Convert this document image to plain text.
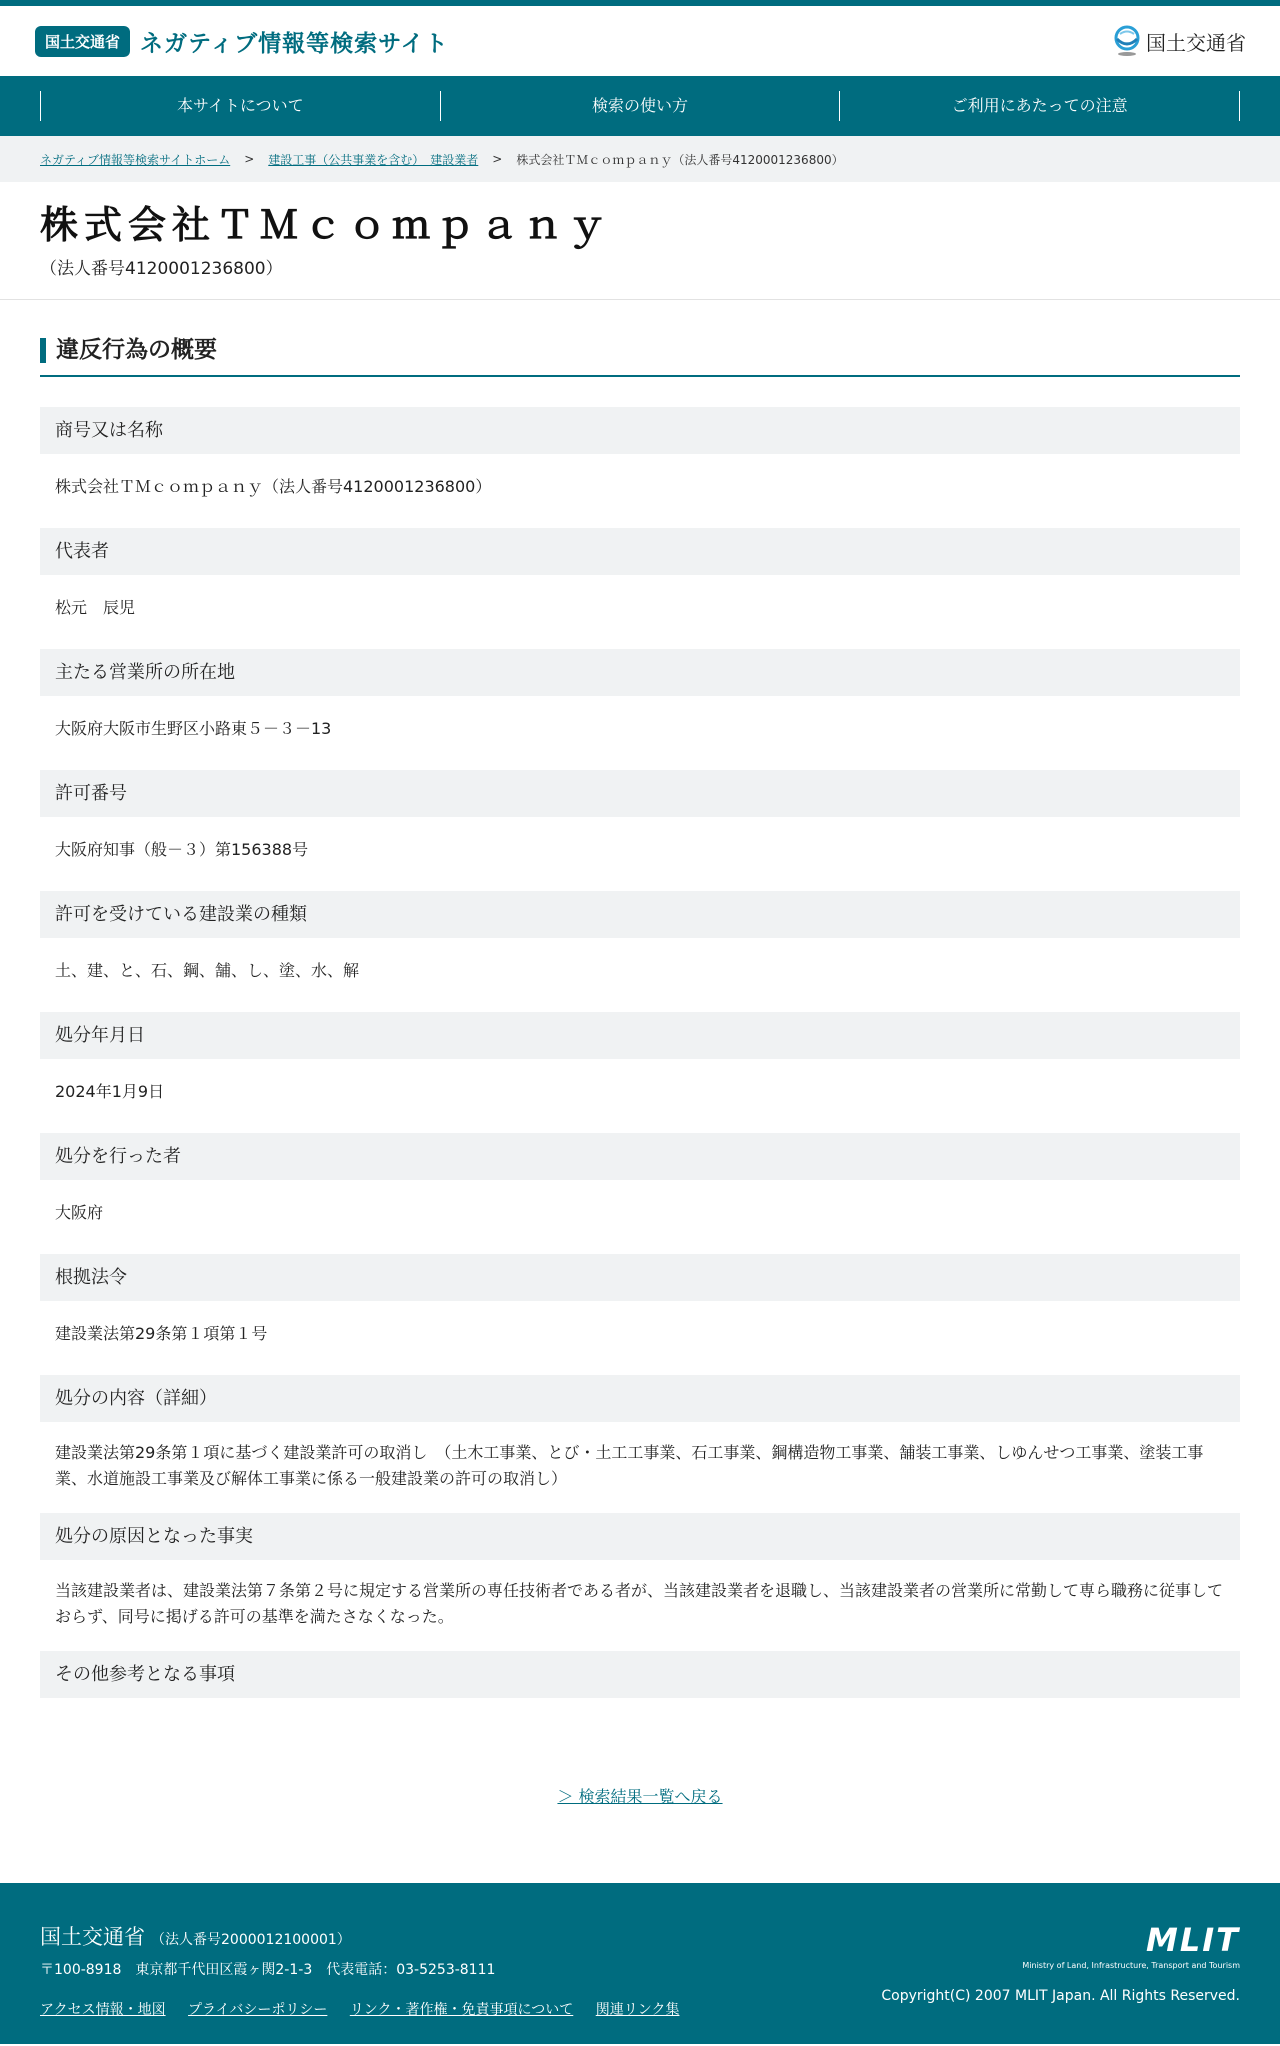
国土交通省 ネガティブ情報等検索サイト	国土交通省
本サイトについて	検索の使い方	ご利用にあたっての注意
ネガティブ情報等検索サイトホーム > 建設工事（公共事業を含む）　建設業者 > 株式会社ＴＭｃｏｍｐａｎｙ（法人番号4120001236800）
株式会社ＴＭｃｏｍｐａｎｙ
（法人番号4120001236800）
違反行為の概要
商号又は名称
株式会社ＴＭｃｏｍｐａｎｙ（法人番号4120001236800）
代表者
松元　辰児
主たる営業所の所在地
大阪府大阪市生野区小路東５－３－13
許可番号
大阪府知事（般－３）第156388号
許可を受けている建設業の種類
土、建、と、石、鋼、舗、し、塗、水、解
処分年月日
2024年1月9日
処分を行った者
大阪府
根拠法令
建設業法第29条第１項第１号
処分の内容（詳細）
建設業法第29条第１項に基づく建設業許可の取消し　（土木工事業、とび・土工工事業、石工事業、鋼構造物工事業、舗装工事業、しゆんせつ工事業、塗装工事業、水道施設工事業及び解体工事業に係る一般建設業の許可の取消し）
処分の原因となった事実
当該建設業者は、建設業法第７条第２号に規定する営業所の専任技術者である者が、当該建設業者を退職し、当該建設業者の営業所に常勤して専ら職務に従事しておらず、同号に掲げる許可の基準を満たさなくなった。
その他参考となる事項
＞ 検索結果一覧へ戻る
国土交通省 （法人番号2000012100001）
〒100-8918　東京都千代田区霞ヶ関2-1-3　代表電話：03-5253-8111
アクセス情報・地図 プライバシーポリシー リンク・著作権・免責事項について 関連リンク集
MLIT
Ministry of Land, Infrastructure, Transport and Tourism
Copyright(C) 2007 MLIT Japan. All Rights Reserved.
